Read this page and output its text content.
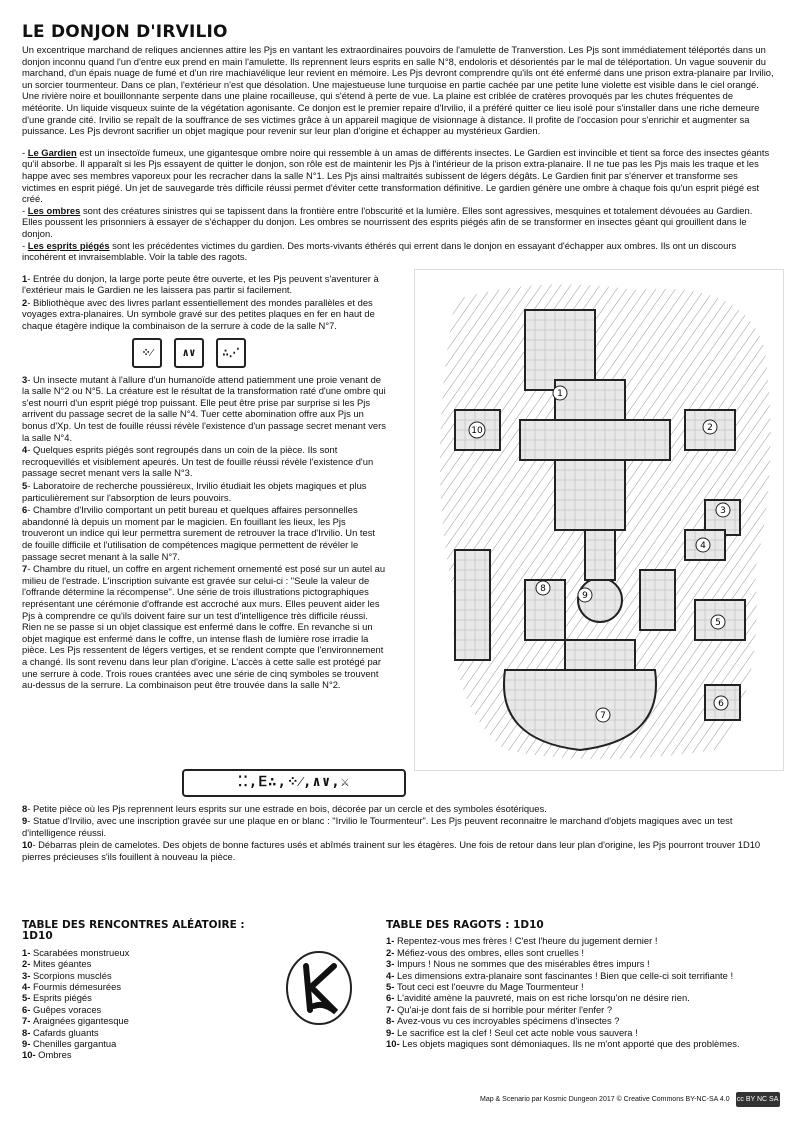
LE DONJON D'IRVILIO

Un excentrique marchand de reliques anciennes attire les Pjs en vantant les extraordinaires pouvoirs de l'amulette de Tranverstion. Les Pjs sont immédiatement téléportés dans un donjon inconnu quand l'un d'entre eux prend en main l'amulette. Ils reprennent leurs esprits en salle N°8, endoloris et désorientés par le mal de téléportation. Un vague souvenir du marchand, d'un épais nuage de fumé et d'un rire machiavélique leur revient en mémoire. Les Pjs devront comprendre qu'ils ont été enfermé dans une prison extra-planaire par Irvilio, un sorcier tourmenteur. Dans ce plan, l'extérieur n'est que désolation. Une majestueuse lune turquoise en partie cachée par une petite lune violette est visible dans le ciel orangé. Une rivière noire et bouillonnante serpente dans une plaine rocailleuse, qui s'étend à perte de vue. La plaine est criblée de cratères provoqués par les chutes fréquentes de météorite. Un liquide visqueux suinte de la végétation agonisante. Ce donjon est le premier repaire d'Irvilio, il a préféré quitter ce lieu isolé pour s'installer dans une riche demeure d'une grande cité. Irvilio se repaît de la souffrance de ses victimes grâce à un appareil magique de visionnage à distance. Il profite de l'occasion pour s'enrichir et augmenter sa puissance. Les Pjs devront sacrifier un objet magique pour revenir sur leur plan d'origine et échapper au mystérieux Gardien.

- Le Gardien est un insectoïde fumeux, une gigantesque ombre noire qui ressemble à un amas de différents insectes. Le Gardien est invincible et tient sa force des insectes géants qu'il absorbe. Il apparaît si les Pjs essayent de quitter le donjon, son rôle est de maintenir les Pjs à l'intérieur de la prison extra-planaire. Il ne tue pas les Pjs mais les traque et les happe avec ses membres vaporeux pour les recracher dans la salle N°1. Les Pjs ainsi maltraités subissent de légers dégâts. Le Gardien finit par s'énerver et transforme ses victimes en esprit piégé. Un jet de sauvegarde très difficile réussi permet d'éviter cette transformation définitive. Le gardien génère une ombre à chaque fois qu'un esprit piégé est créé.

- Les ombres sont des créatures sinistres qui se tapissent dans la frontière entre l'obscurité et la lumière. Elles sont agressives, mesquines et totalement dévouées au Gardien. Elles poussent les prisonniers à essayer de s'échapper du donjon. Les ombres se nourrissent des esprits piégés afin de se transformer en insectes géant qui grouillent dans le donjon.

- Les esprits piégés sont les précédentes victimes du gardien. Des morts-vivants éthérés qui errent dans le donjon en essayant d'échapper aux ombres. Ils ont un discours incohérent et invraisemblable. Voir la table des ragots.

1- Entrée du donjon, la large porte peute être ouverte, et les Pjs peuvent s'aventurer à l'extérieur mais le Gardien ne les laissera pas partir si facilement.

2- Bibliothèque avec des livres parlant essentiellement des mondes parallèles et des voyages extra-planaires. Un symbole gravé sur des petites plaques en fer en haut de chaque étagère indique la combinaison de la serrure à code de la salle N°7.

⁘⁄	∧∨	∴⋰

3- Un insecte mutant à l'allure d'un humanoïde attend patiemment une proie venant de la salle N°2 ou N°5. La créature est le résultat de la transformation raté d'une ombre qui s'est nourri d'un esprit piégé trop puissant. Elle peut être prise par surprise si les Pjs arrivent du passage secret de la salle N°4. Tuer cette abomination offre aux Pjs un bonus d'Xp. Un test de fouille réussi révèle l'existence d'un passage secret menant vers la salle N°4.

4- Quelques esprits piégés sont regroupés dans un coin de la pièce. Ils sont recroquevillés et visiblement apeurés. Un test de fouille réussi révèle l'existence d'un passage secret menant vers la salle N°3.

5- Laboratoire de recherche poussiéreux, Irvilio étudiait les objets magiques et plus particulièrement sur l'absorption de leurs pouvoirs.

6- Chambre d'Irvilio comportant un petit bureau et quelques affaires personnelles abandonné là depuis un moment par le magicien. En fouillant les lieux, les Pjs trouveront un indice qui leur permettra surement de retrouver la trace d'Irvilio. Un test de fouille difficile et l'utilisation de compétences magique permettent de révéler le passage secret menant à la salle N°7.

7- Chambre du rituel, un coffre en argent richement ornementé est posé sur un autel au milieu de l'estrade. L'inscription suivante est gravée sur celui-ci : "Seule la valeur de l'offrande détermine la récompense". Une série de trois illustrations pictographiques représentant une cérémonie d'offrande est accroché aux murs. Elles peuvent aider les Pjs à comprendre ce qu'ils doivent faire sur un test d'intelligence très difficile réussi. Rien ne se passe si un objet classique est enfermé dans le coffre. En revanche si un objet magique est enfermé dans le coffre, un intense flash de lumière rose irradie la pièce. Les Pjs ressentent de légers vertiges, et se rendent compte que l'environnement a changé. Ils sont revenu dans leur plan d'origine. L'accès à cette salle est protégé par une serrure à code. Trois roues crantées avec une série de cinq symboles se trouvent au-dessus de la serrure. La combinaison peut être trouvée dans la salle N°2.

1
2
3
4
5
6
7
8
9
10
⁚⁚,𝖤∴,⁘⁄,∧∨,⚔

8- Petite pièce où les Pjs reprennent leurs esprits sur une estrade en bois, décorée par un cercle et des symboles ésotériques.

9- Statue d'Irvilio, avec une inscription gravée sur une plaque en or blanc : "Irvilio le Tourmenteur". Les Pjs peuvent reconnaitre le marchand d'objets magiques avec un test d'intelligence réussi.

10- Débarras plein de camelotes. Des objets de bonne factures usés et abîmés trainent sur les étagères. Une fois de retour dans leur plan d'origine, les Pjs pourront trouver 1D10 pierres précieuses s'ils fouillent à nouveau la pièce.

TABLE DES RENCONTRES ALÉATOIRE : 1D10
1- Scarabées monstrueux
2- Mites géantes
3- Scorpions musclés
4- Fourmis démesurées
5- Esprits piégés
6- Guêpes voraces
7- Araignées gigantesque
8- Cafards gluants
9- Chenilles gargantua
10- Ombres
TABLE DES RAGOTS : 1D10
1- Repentez-vous mes frères ! C'est l'heure du jugement dernier !
2- Méfiez-vous des ombres, elles sont cruelles !
3- Impurs ! Nous ne sommes que des misérables êtres impurs !
4- Les dimensions extra-planaire sont fascinantes ! Bien que celle-ci soit terrifiante !
5- Tout ceci est l'oeuvre du Mage Tourmenteur !
6- L'avidité amène la pauvreté, mais on est riche lorsqu'on ne désire rien.
7- Qu'ai-je dont fais de si horrible pour mériter l'enfer ?
8- Avez-vous vu ces incroyables spécimens d'insectes ?
9- Le sacrifice est la clef ! Seul cet acte noble vous sauvera !
10- Les objets magiques sont démoniaques. Ils ne m'ont apporté que des problèmes.
Map & Scenario par Kosmic Dungeon 2017 © Creative Commons BY-NC-SA 4.0 cc BY NC SA
